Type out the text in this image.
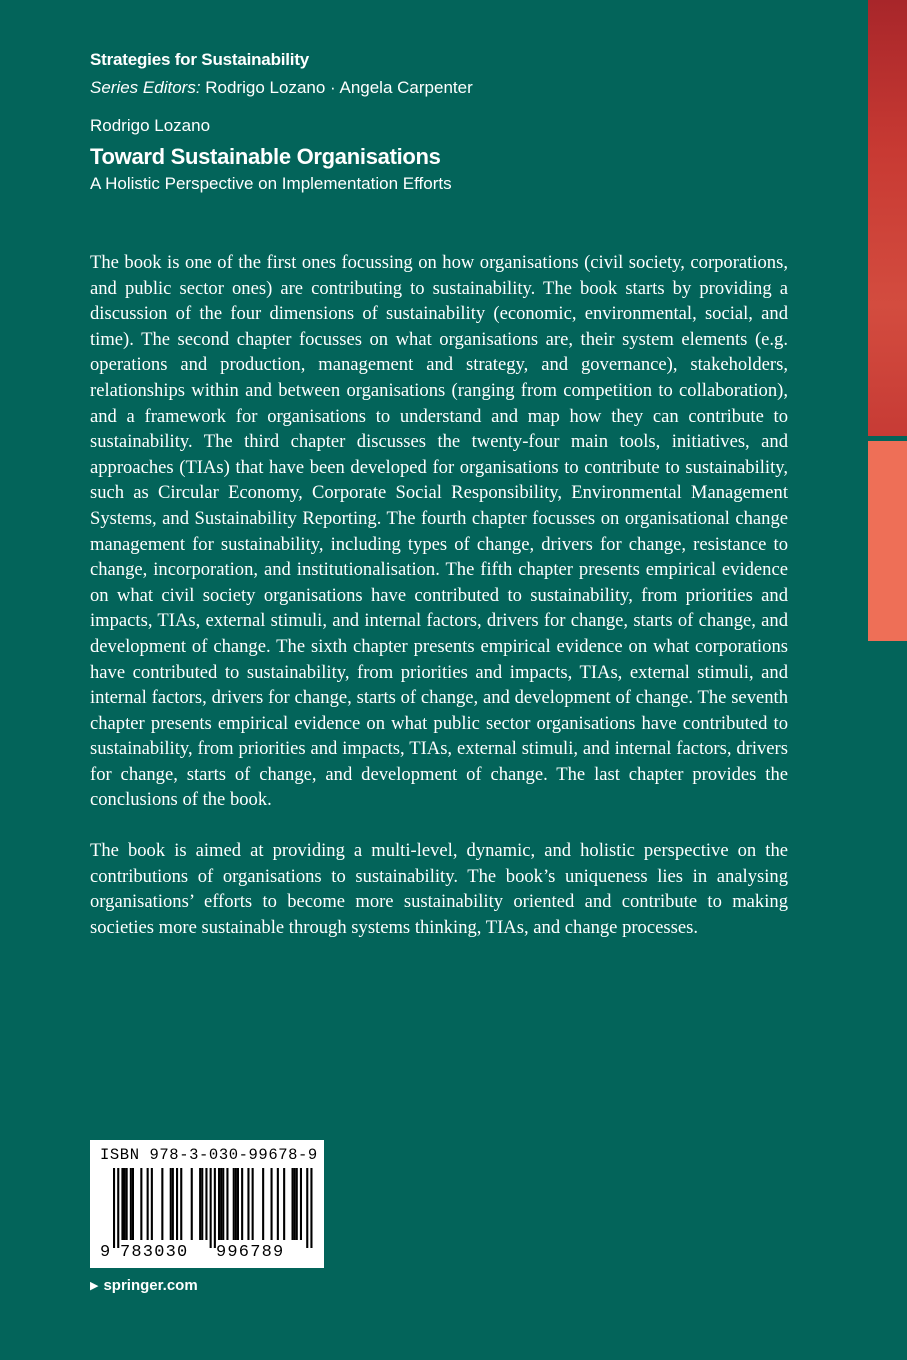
Strategies for Sustainability
Series Editors: Rodrigo Lozano · Angela Carpenter
Rodrigo Lozano
Toward Sustainable Organisations
A Holistic Perspective on Implementation Efforts

The book is one of the first ones focussing on how organisations (civil society, corporations, and public sector ones) are contributing to sustainability. The book starts by providing a discussion of the four dimensions of sustainability (economic, environmental, social, and time). The second chapter focusses on what organisations are, their system elements (e.g. operations and production, management and strategy, and governance), stakeholders, relationships within and between organisations (ranging from competition to collaboration), and a framework for organisations to understand and map how they can contribute to sustainability. The third chapter discusses the twenty-four main tools, initiatives, and approaches (TIAs) that have been developed for organisations to contribute to sustainability, such as Circular Economy, Corporate Social Responsibility, Environmental Management Systems, and Sustainability Reporting. The fourth chapter focusses on organisational change management for sustainability, including types of change, drivers for change, resistance to change, incorporation, and institutionalisation. The fifth chapter presents empirical evidence on what civil society organisations have contributed to sustainability, from priorities and impacts, TIAs, external stimuli, and internal factors, drivers for change, starts of change, and development of change. The sixth chapter presents empirical evidence on what corporations have contributed to sustainability, from priorities and impacts, TIAs, external stimuli, and internal factors, drivers for change, starts of change, and development of change. The seventh chapter presents empirical evidence on what public sector organisations have contributed to sustainability, from priorities and impacts, TIAs, external stimuli, and internal factors, drivers for change, starts of change, and development of change. The last chapter provides the conclusions of the book.

The book is aimed at providing a multi-level, dynamic, and holistic perspective on the contributions of organisations to sustainability. The book’s uniqueness lies in analysing organisations’ efforts to become more sustainability oriented and contribute to making societies more sustainable through systems thinking, TIAs, and change processes.

ISBN 978-3-030-99678-9
9 783030 996789
▶ springer.com
